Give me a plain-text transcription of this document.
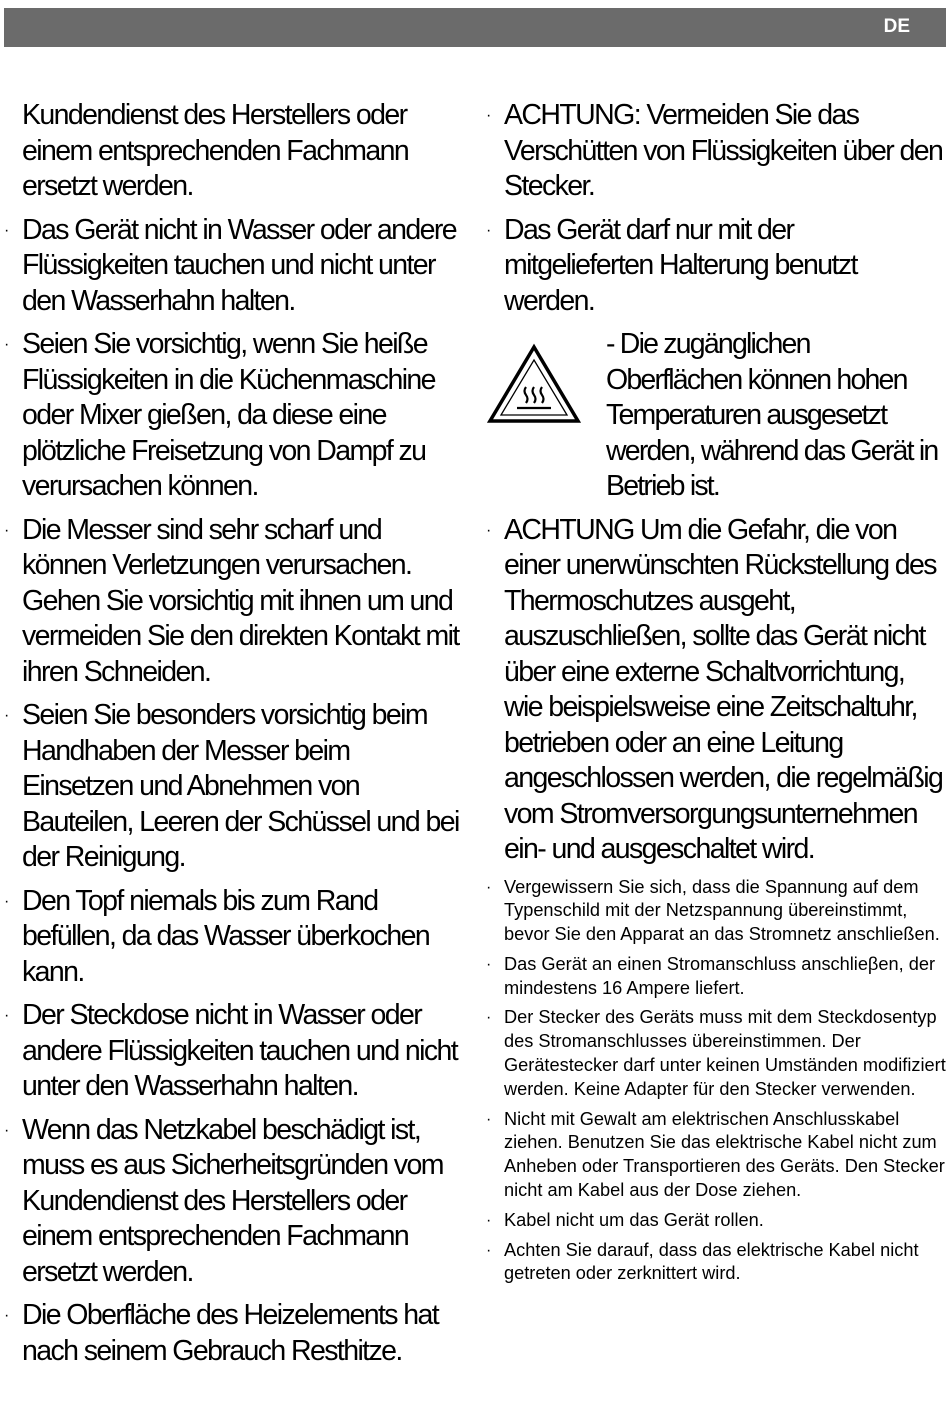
DE
Kundendienst des Herstellers oder einem entsprechenden Fachmann ersetzt werden.
· Das Gerät nicht in Wasser oder andere Flüssigkeiten tauchen und nicht unter den Wasserhahn halten.
· Seien Sie vorsichtig, wenn Sie heiße Flüssigkeiten in die Küchenmaschine oder Mixer gießen, da diese eine plötzliche Freisetzung von Dampf zu verursachen können.
· Die Messer sind sehr scharf und können Verletzungen verursachen. Gehen Sie vorsichtig mit ihnen um und vermeiden Sie den direkten Kontakt mit ihren Schneiden.
· Seien Sie besonders vorsichtig beim Handhaben der Messer beim Einsetzen und Abnehmen von Bauteilen, Leeren der Schüssel und bei der Reinigung.
· Den Topf niemals bis zum Rand befüllen, da das Wasser überkochen kann.
· Der Steckdose nicht in Wasser oder andere Flüssigkeiten tauchen und nicht unter den Wasserhahn halten.
· Wenn das Netzkabel beschädigt ist, muss es aus Sicherheitsgründen vom Kundendienst des Herstellers oder einem entsprechenden Fachmann ersetzt werden.
· Die Oberfläche des Heizelements hat nach seinem Gebrauch Resthitze.
· ACHTUNG: Vermeiden Sie das Verschütten von Flüssigkeiten über den Stecker.
· Das Gerät darf nur mit der mitgelieferten Halterung benutzt werden.
- Die zugänglichen Oberflächen können hohen Temperaturen ausgesetzt werden, während das Gerät in Betrieb ist.
· ACHTUNG Um die Gefahr, die von einer unerwünschten Rückstellung des Thermoschutzes ausgeht, auszuschließen, sollte das Gerät nicht über eine externe Schaltvorrichtung, wie beispielsweise eine Zeitschaltuhr, betrieben oder an eine Leitung angeschlossen werden, die regelmäßig vom Stromversorgungsunternehmen ein- und ausgeschaltet wird.
· Vergewissern Sie sich, dass die Spannung auf dem Typenschild mit der Netzspannung übereinstimmt, bevor Sie den Apparat an das Stromnetz anschließen.
· Das Gerät an einen Stromanschluss anschlieβen, der mindestens 16 Ampere liefert.
· Der Stecker des Geräts muss mit dem Steckdosentyp des Stromanschlusses übereinstimmen. Der Gerätestecker darf unter keinen Umständen modifiziert werden. Keine Adapter für den Stecker verwenden.
· Nicht mit Gewalt am elektrischen Anschlusskabel ziehen. Benutzen Sie das elektrische Kabel nicht zum Anheben oder Transportieren des Geräts. Den Stecker nicht am Kabel aus der Dose ziehen.
· Kabel nicht um das Gerät rollen.
· Achten Sie darauf, dass das elektrische Kabel nicht getreten oder zerknittert wird.
